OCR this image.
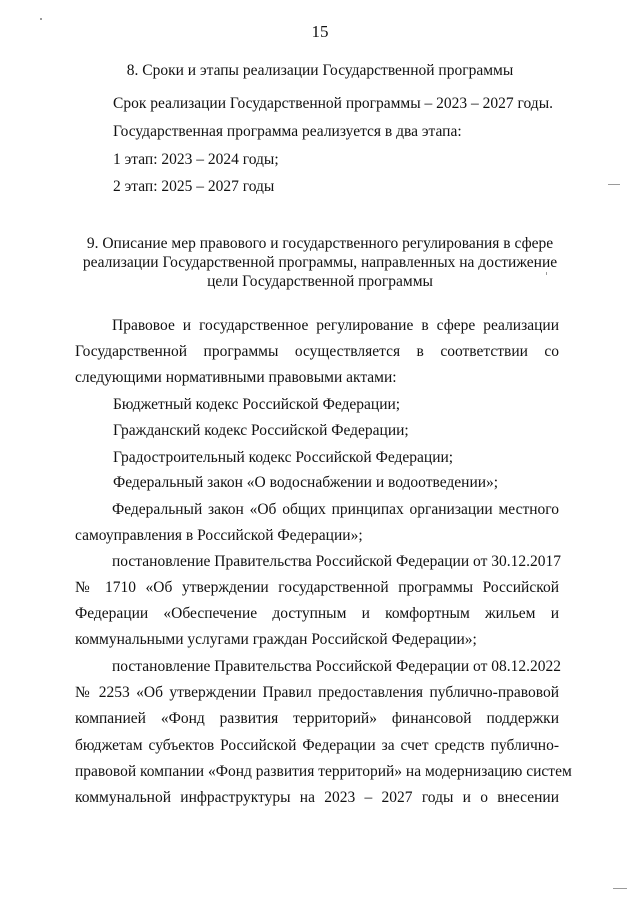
15
8. Сроки и этапы реализации Государственной программы
Срок реализации Государственной программы – 2023 – 2027 годы.
Государственная программа реализуется в два этапа:
1 этап: 2023 – 2024 годы;
2 этап: 2025 – 2027 годы
9. Описание мер правового и государственного регулирования в сфере
реализации Государственной программы, направленных на достижение
цели Государственной программы
Правовое и государственное регулирование в сфере реализации
Государственной программы осуществляется в соответствии со
следующими нормативными правовыми актами:
Бюджетный кодекс Российской Федерации;
Гражданский кодекс Российской Федерации;
Градостроительный кодекс Российской Федерации;
Федеральный закон «О водоснабжении и водоотведении»;
Федеральный закон «Об общих принципах организации местного
самоуправления в Российской Федерации»;
постановление Правительства Российской Федерации от 30.12.2017
№ 1710 «Об утверждении государственной программы Российской
Федерации «Обеспечение доступным и комфортным жильем и
коммунальными услугами граждан Российской Федерации»;
постановление Правительства Российской Федерации от 08.12.2022
№ 2253 «Об утверждении Правил предоставления публично-правовой
компанией «Фонд развития территорий» финансовой поддержки
бюджетам субъектов Российской Федерации за счет средств публично-
правовой компании «Фонд развития территорий» на модернизацию систем
коммунальной инфраструктуры на 2023 – 2027 годы и о внесении
